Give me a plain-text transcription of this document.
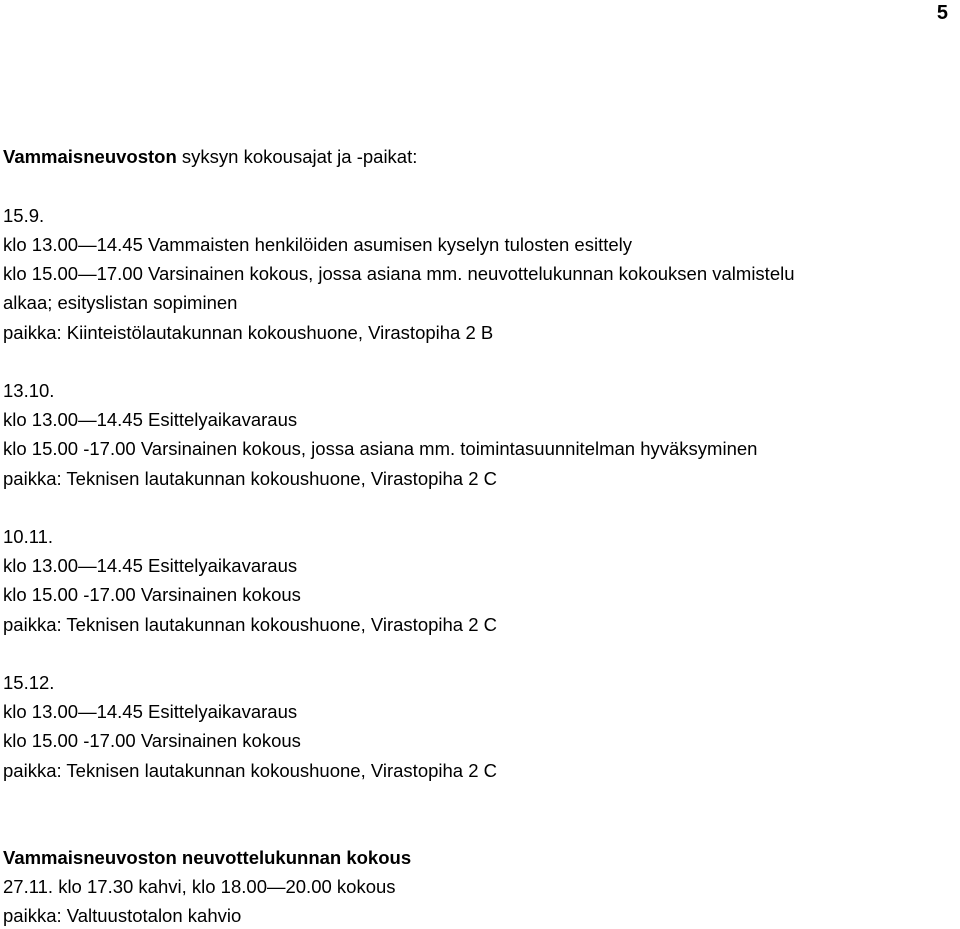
5
Vammaisneuvoston syksyn kokousajat ja -paikat:
15.9.
klo 13.00—14.45 Vammaisten henkilöiden asumisen kyselyn tulosten esittely
klo 15.00—17.00 Varsinainen kokous, jossa asiana mm. neuvottelukunnan kokouksen valmistelu
alkaa; esityslistan sopiminen
paikka: Kiinteistölautakunnan kokoushuone, Virastopiha 2 B
13.10.
klo 13.00—14.45 Esittelyaikavaraus
klo 15.00 -17.00 Varsinainen kokous, jossa asiana mm. toimintasuunnitelman hyväksyminen
paikka: Teknisen lautakunnan kokoushuone, Virastopiha 2 C
10.11.
klo 13.00—14.45 Esittelyaikavaraus
klo 15.00 -17.00 Varsinainen kokous
paikka: Teknisen lautakunnan kokoushuone, Virastopiha 2 C
15.12.
klo 13.00—14.45 Esittelyaikavaraus
klo 15.00 -17.00 Varsinainen kokous
paikka: Teknisen lautakunnan kokoushuone, Virastopiha 2 C
Vammaisneuvoston neuvottelukunnan kokous
27.11. klo 17.30 kahvi, klo 18.00—20.00 kokous
paikka: Valtuustotalon kahvio
